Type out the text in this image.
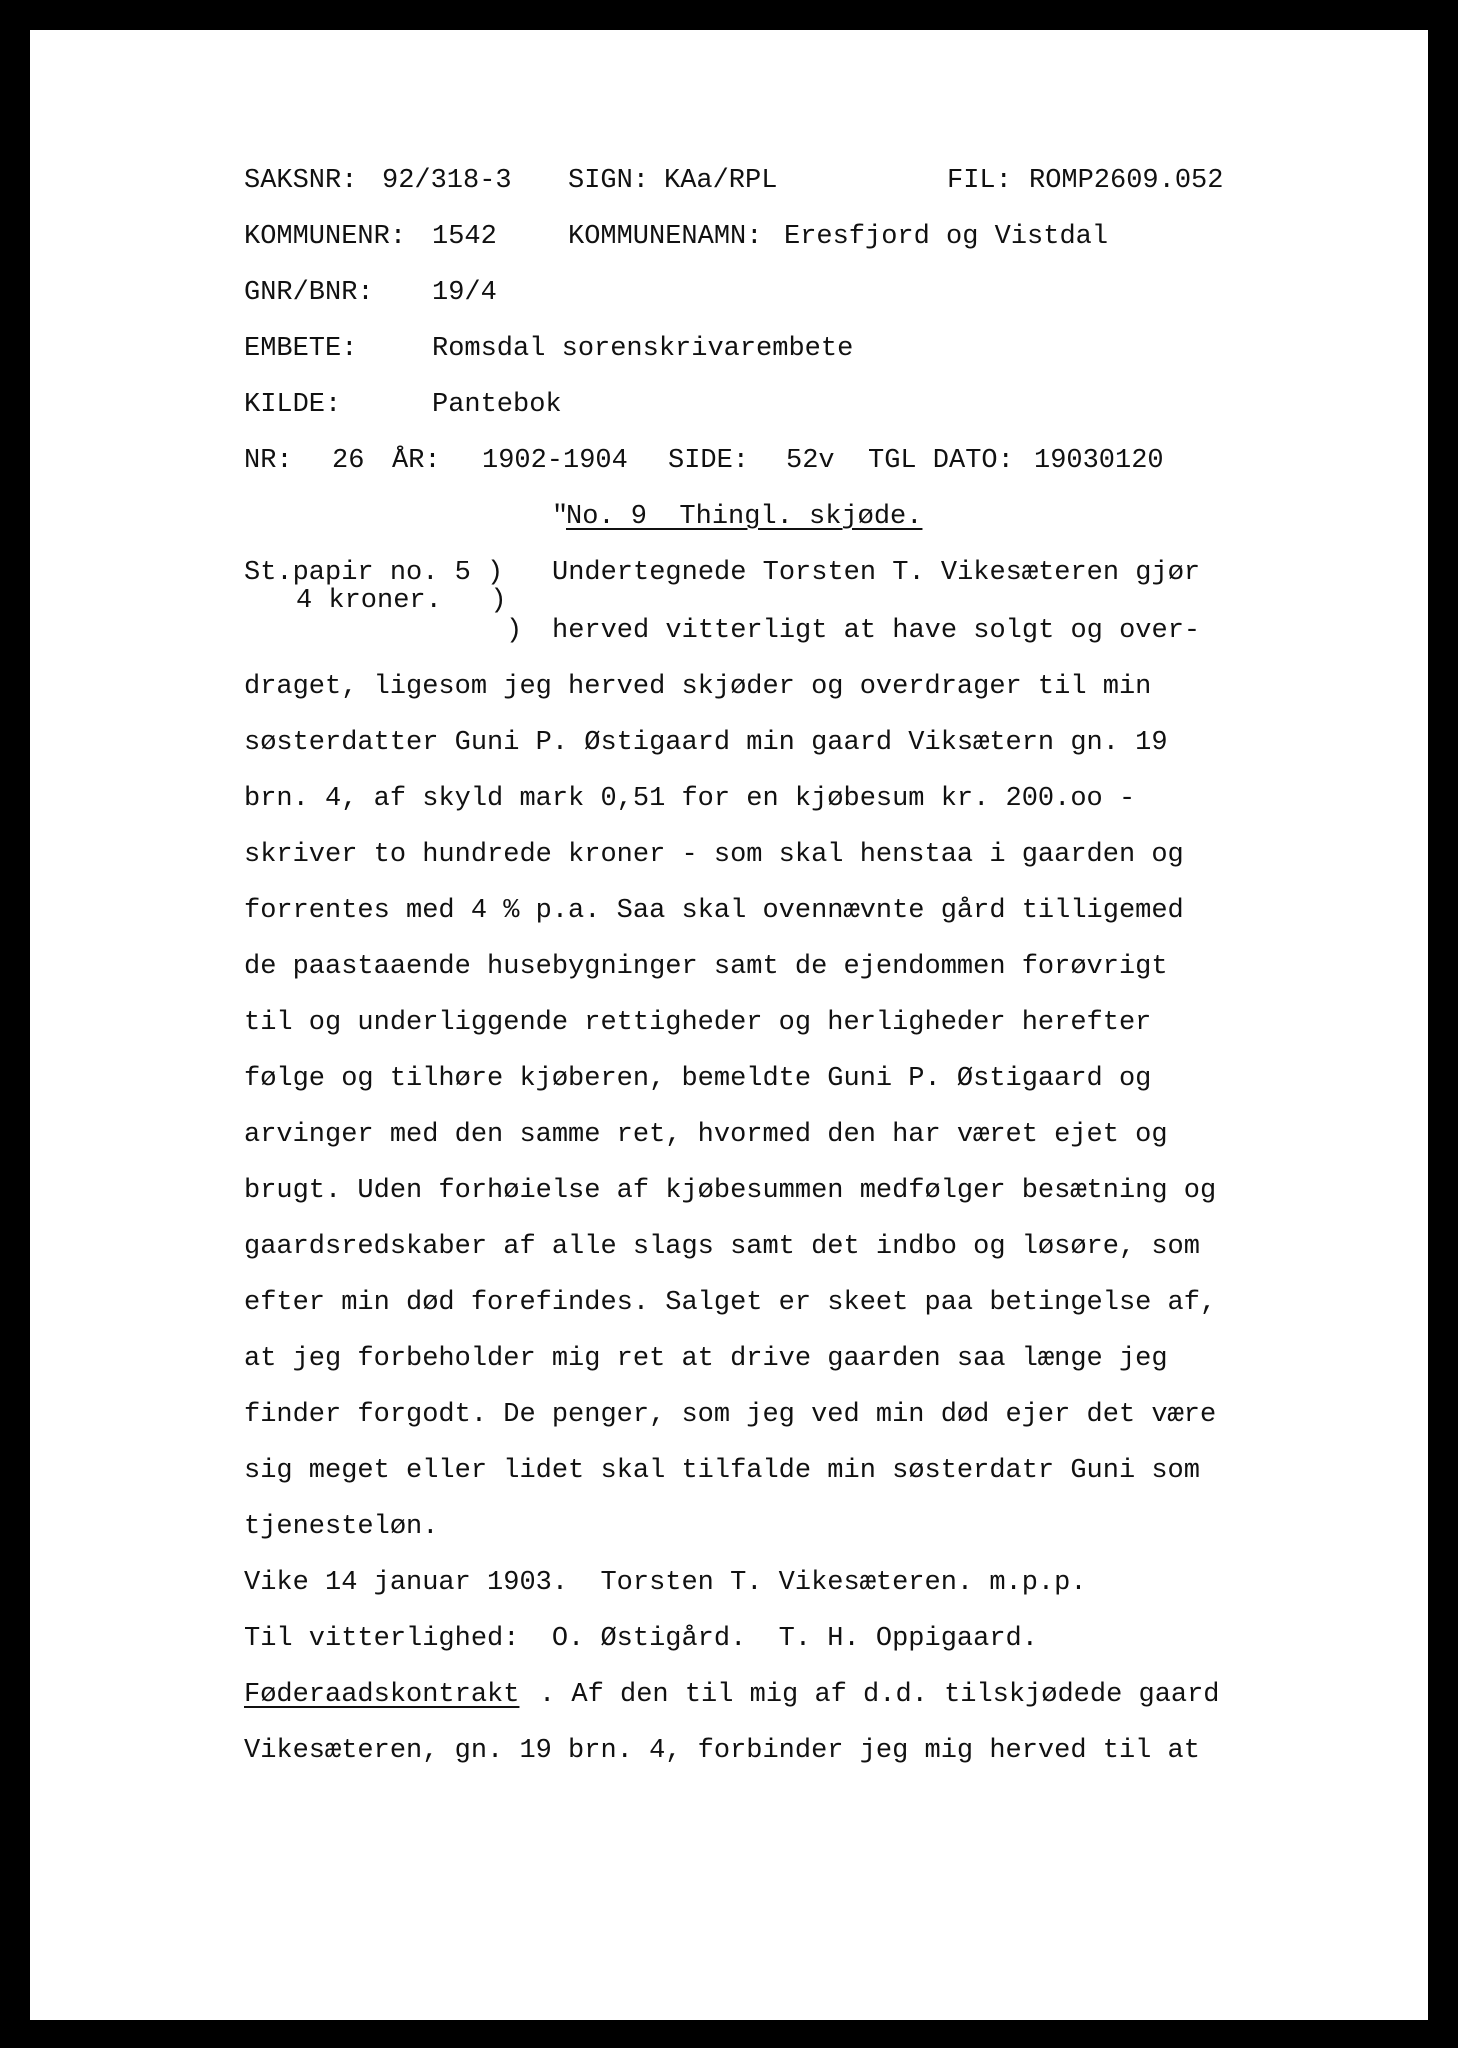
SAKSNR: 92/318-3 SIGN: KAa/RPL	FIL: ROMP2609.052
KOMMUNENR: 1542	KOMMUNENAMN: Eresfjord og Vistdal
GNR/BNR: 19/4
EMBETE:	Romsdal sorenskrivarembete
KILDE:	Pantebok
NR: 26 ÅR: 1902-1904 SIDE: 52v TGL DATO: 19030120
"
No. 9  Thingl. skjøde.
St.papir no. 5 )
4 kroner.   )
)
Undertegnede Torsten T. Vikesæteren gjør
herved vitterligt at have solgt og over-
draget, ligesom jeg herved skjøder og overdrager til min
søsterdatter Guni P. Østigaard min gaard Viksætern gn. 19
brn. 4, af skyld mark 0,51 for en kjøbesum kr. 200.oo -
skriver to hundrede kroner - som skal henstaa i gaarden og
forrentes med 4 % p.a. Saa skal ovennævnte gård tilligemed
de paastaaende husebygninger samt de ejendommen forøvrigt
til og underliggende rettigheder og herligheder herefter
følge og tilhøre kjøberen, bemeldte Guni P. Østigaard og
arvinger med den samme ret, hvormed den har været ejet og
brugt. Uden forhøielse af kjøbesummen medfølger besætning og
gaardsredskaber af alle slags samt det indbo og løsøre, som
efter min død forefindes. Salget er skeet paa betingelse af,
at jeg forbeholder mig ret at drive gaarden saa længe jeg
finder forgodt. De penger, som jeg ved min død ejer det være
sig meget eller lidet skal tilfalde min søsterdatr Guni som
tjenesteløn.
Vike 14 januar 1903.  Torsten T. Vikesæteren. m.p.p.
Til vitterlighed:  O. Østigård.  T. H. Oppigaard.
Føderaadskontrakt . Af den til mig af d.d. tilskjødede gaard
Vikesæteren, gn. 19 brn. 4, forbinder jeg mig herved til at
